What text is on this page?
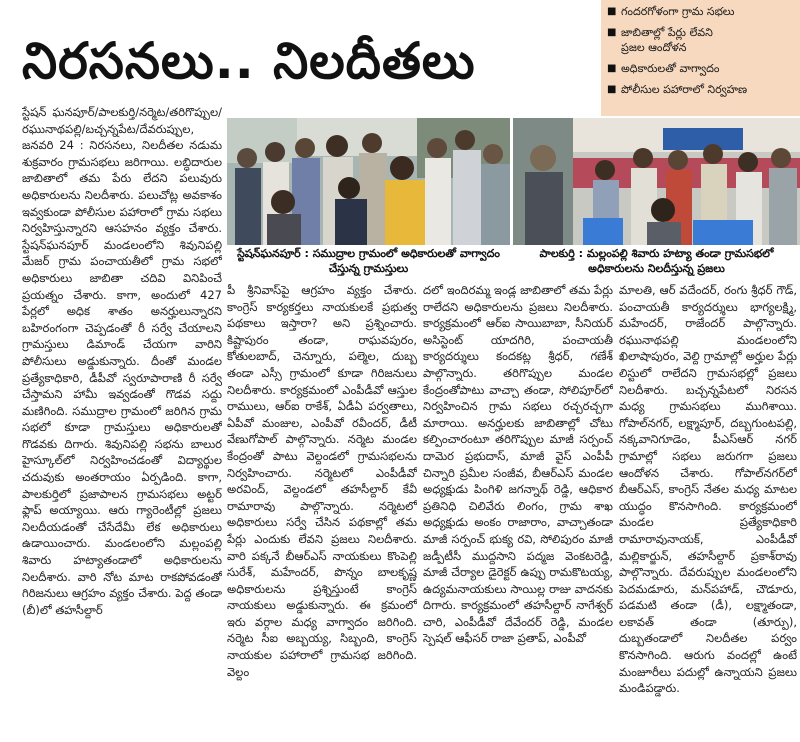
నిరసనలు.. నిలదీతలు
■ గందరగోళంగా గ్రామ సభలు
■ జాబితాల్లో పేర్లు లేవని
ప్రజల ఆందోళన
■ అధికారులతో వాగ్వాదం
■ పోలీసుల పహారాలో నిర్వహణ
స్టేషన్‌ఘనపూర్ : సముద్రాల గ్రామంలో అధికారులతో వాగ్వాదం చేస్తున్న గ్రామస్తులు
పాలకుర్తి : మల్లంపల్లి శివారు హట్యా తండా గ్రామసభలో అధికారులను నిలదీస్తున్న ప్రజలు

స్టేషన్ ఘనపూర్/పాలకుర్తి/నర్మెట/తరిగొప్పుల/రఘునాథపల్లి/బచ్చన్నపేట/దేవరుప్పుల, జనవరి 24 : నిరసనలు, నిలదీతల నడుమ శుక్రవారం గ్రామసభలు జరిగాయి. లబ్ధిదారుల జాబితాలో తమ పేరు లేదని పలువురు అధికారులను నిలదీశారు. పలుచోట్ల అవకాశం ఇవ్వకుండా పోలీసుల పహారాలో గ్రామ సభలు నిర్వహిస్తున్నారని ఆసహనం వ్యక్తం చేశారు. స్టేషన్‌ఘనపూర్ మండలంలోని శివునిపల్లి మేజర్ గ్రామ పంచాయతీలో గ్రామ సభలో అధికారులు జాబితా చదివి వినిపించే ప్రయత్నం చేశారు. కాగా, అందులో 427 పేర్లలో అధిక శాతం అనర్హులున్నారని బహిరంగంగా చెప్పడంతో రీ సర్వే చేయాలని గ్రామస్తులు డిమాండ్ చేయగా వారిని పోలీసులు అడ్డుకున్నారు. దీంతో మండల ప్రత్యేకాధికారి, డీపీవో స్వరూపారాణి రీ సర్వే చేస్తామని హామీ ఇవ్వడంతో గొడవ సద్దు మణిగింది. సముద్రాల గ్రామంలో జరిగిన గ్రామ సభలో కూడా గ్రామస్తులు అధికారులతో గొడవకు దిగారు. శివునిపల్లి సభను బాలుర హైస్కూల్‌లో నిర్వహించడంతో విద్యార్థుల చదువుకు అంతరాయం ఏర్పడింది. కాగా, పాలకుర్తిలో ప్రజాపాలన గ్రామసభలు అట్టర్ ఫ్లాప్ అయ్యాయి. ఆరు గ్యారెంటీల్లో ప్రజలు నిలదీయడంతో చేసేదేమీ లేక అధికారులు ఉడాయించారు. మండలంలోని మల్లంపల్లి శివారు హట్యాతండాలో అధికారులను నిలదీశారు. వారి నోట మాట రాకపోవడంతో గిరిజనులు ఆగ్రహం వ్యక్తం చేశారు. పెద్ద తండా (బీ)లో తహసీల్దార్

పీ శ్రీనివాస్‌పై ఆగ్రహం వ్యక్తం చేశారు. కాంగ్రెస్ కార్యకర్తలు నాయకులకే ప్రభుత్వ పథకాలు ఇస్తారా? అని ప్రశ్నించారు. కిష్టాపురం తండా, రాఘవపురం, కోతులబాద్, చెన్నూరు, పల్మెల, దుబ్బ తండా ఎస్సీ గ్రామంలో కూడా గిరిజనులు నిలదీశారు. కార్యక్రమంలో ఎంపీడీవో ఆస్తుల రాములు, ఆర్ఐ రాకేశ్, ఏడీఏ పర్వతాలు, ఏపీవో మంజుల, ఎంపీవో రవీందర్, డీటీ వేణుగోపాల్ పాల్గొన్నారు. నర్మెట మండల కేంద్రంతో పాటు వెల్దండలో గ్రామసభలను నిర్వహించారు. నర్మెటలో ఎంపీడీవో అరవింద్, వెల్దండలో తహసీల్దార్ కేవీ రామారావు పాల్గొన్నారు. నర్మెటలో అధికారులు సర్వే చేసిన పథకాల్లో తమ పేర్లు ఎందుకు లేవని ప్రజలు నిలదీశారు. వారి పక్కనే బీఆర్ఎస్ నాయకులు కొంపెల్లి సురేశ్, మహేందర్, పొన్నం బాలకృష్ణ అధికారులను ప్రశ్నిస్తుంటే కాంగ్రెస్ నాయకులు అడ్డుకున్నారు. ఈ క్రమంలో ఇరు వర్గాల మధ్య వాగ్వాదం జరిగింది. నర్మెట సీఐ అబ్బయ్య, సిబ్బంది, కాంగ్రెస్ నాయకుల పహారాలో గ్రామసభ జరిగింది. వెల్దం

దలో ఇందిరమ్మ ఇండ్ల జాబితాలో తమ పేర్లు రాలేదని అధికారులను ప్రజలు నిలదీశారు. కార్యక్రమంలో ఆర్ఐ సాయిబాబా, సీనియర్ అసిస్టెంట్ యాదగిరి, పంచాయతీ కార్యదర్శులు కందకట్ల శ్రీధర్, గణేశ్ పాల్గొన్నారు. తరిగొప్పుల మండల కేంద్రంతోపాటు వాచ్చా తండా, సోలిపూర్‌లో నిర్వహించిన గ్రామ సభలు రచ్చరచ్చగా మారాయి. అనర్హులకు జాబితాల్లో చోటు కల్పించారంటూ తరిగొప్పుల మాజీ సర్పంచ్ దామెర ప్రభుదాస్, మాజీ వైస్ ఎంపీపీ చిన్నారి ప్రమీల సంజీవ, బీఆర్ఎస్ మండల అధ్యక్షుడు పింగిళి జగన్నాథ్ రెడ్డి, ఆధికార ప్రతినిధి చిలివేరు లింగం, గ్రామ శాఖ అధ్యక్షుడు అంకం రాజారాం, వాచ్చాతండా మాజీ సర్పంచ్ భుక్య రవి, సోలిపురం మాజీ జడ్పీటీసీ ముద్దసాని పద్మజ వెంకటరెడ్డి, మాజీ చేర్యాల డైరెక్టర్ ఉప్పు రామకొటయ్య, ఉద్యమనాయకులు సాయిల్ల రాజు వాదనకు దిగారు. కార్యక్రమంలో తహసీల్దార్ నాగేశ్వర్ చారి, ఎంపీడీవో దేవేందర్ రెడ్డి, మండల స్పెషల్ ఆఫీసర్ రాజా ప్రతాప్, ఎంపీవో

మాలతి, ఆర్ వదేందర్, రంగు శ్రీధర్ గౌడ్, పంచాయతీ కార్యదర్శులు భాగ్యలక్ష్మి, మహేందర్, రాజేందర్ పాల్గొన్నారు. రఘునాథపల్లి మండలంలోని ఖిలాషాపురం, వెల్ది గ్రామాల్లో అర్హుల పేర్లు లిస్టులో రాలేదని గ్రామసభల్లో ప్రజలు నిలదీశారు. బచ్చన్నపేటలో నిరసన మధ్య గ్రామసభలు ముగిశాయి. గోపాల్‌నగర్, లక్ష్మాపూర్, దబ్బగుంటపల్లి, నక్కవానిగూడెం, పీఎస్‌ఆర్ నగర్ గ్రామాల్లో సభలు జరుగగా ప్రజలు ఆందోళన చేశారు. గోపాల్‌నగర్‌లో బీఆర్ఎస్, కాంగ్రెస్ నేతల మధ్య మాటల యుద్ధం కొనసాగింది. కార్యక్రమంలో మండల ప్రత్యేకాధికారి రామారావునాయక్, ఎంపీడీవో మల్లికార్జున్, తహసీల్దార్ ప్రకాశ్‌రావు పాల్గొన్నారు. దేవరుప్పుల మండలంలోని పెదమడూరు, మన్‌పహాడ్, చౌడూరు, పడమటి తండా (డీ), లక్ష్మాతండా, లకావత్ తండా (తూర్పు), దుబ్బతండాలో నిలదీతల పర్వం కొనసాగింది. ఆరుగు వందల్లో ఉంటే మంజూరీలు పదుల్లో ఉన్నాయని ప్రజలు మండిపడ్డారు.
